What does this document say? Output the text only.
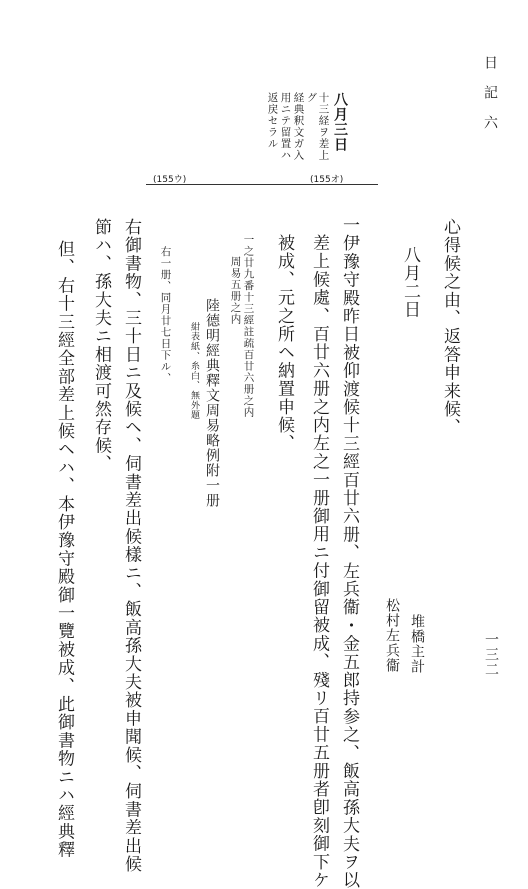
日　記　六
一三二
八月三日
十三経ヲ差上
グ
経典釈文ガ入
用ニテ留置ハ
返戻セラル
(155ウ)	(155オ)
心得候之由、返答申来候、
八月二日
堆橋主計
松村左兵衞
一伊豫守殿昨日被仰渡候十三經百廿六册、左兵衞・金五郎持参之、飯高孫大夫ヲ以
差上候處、百廿六册之内左之一册御用ニ付御留被成、殘リ百廿五册者卽刻御下ケ
被成、元之所ヘ納置申候、
一之廿九番十三經註疏百廿六册之内
周易五册之内
陸德明經典釋文周易略例附一册
紺表紙、糸白、無外題
右一册、同月廿七日下ル、
右御書物、三十日ニ及候ヘ、伺書差出候樣ニ、飯高孫大夫被申聞候、伺書差出候
節ハ、孫大夫ニ相渡可然存候、
但、右十三經全部差上候ヘハ、本伊豫守殿御一覽被成、此御書物ニハ經典釋
